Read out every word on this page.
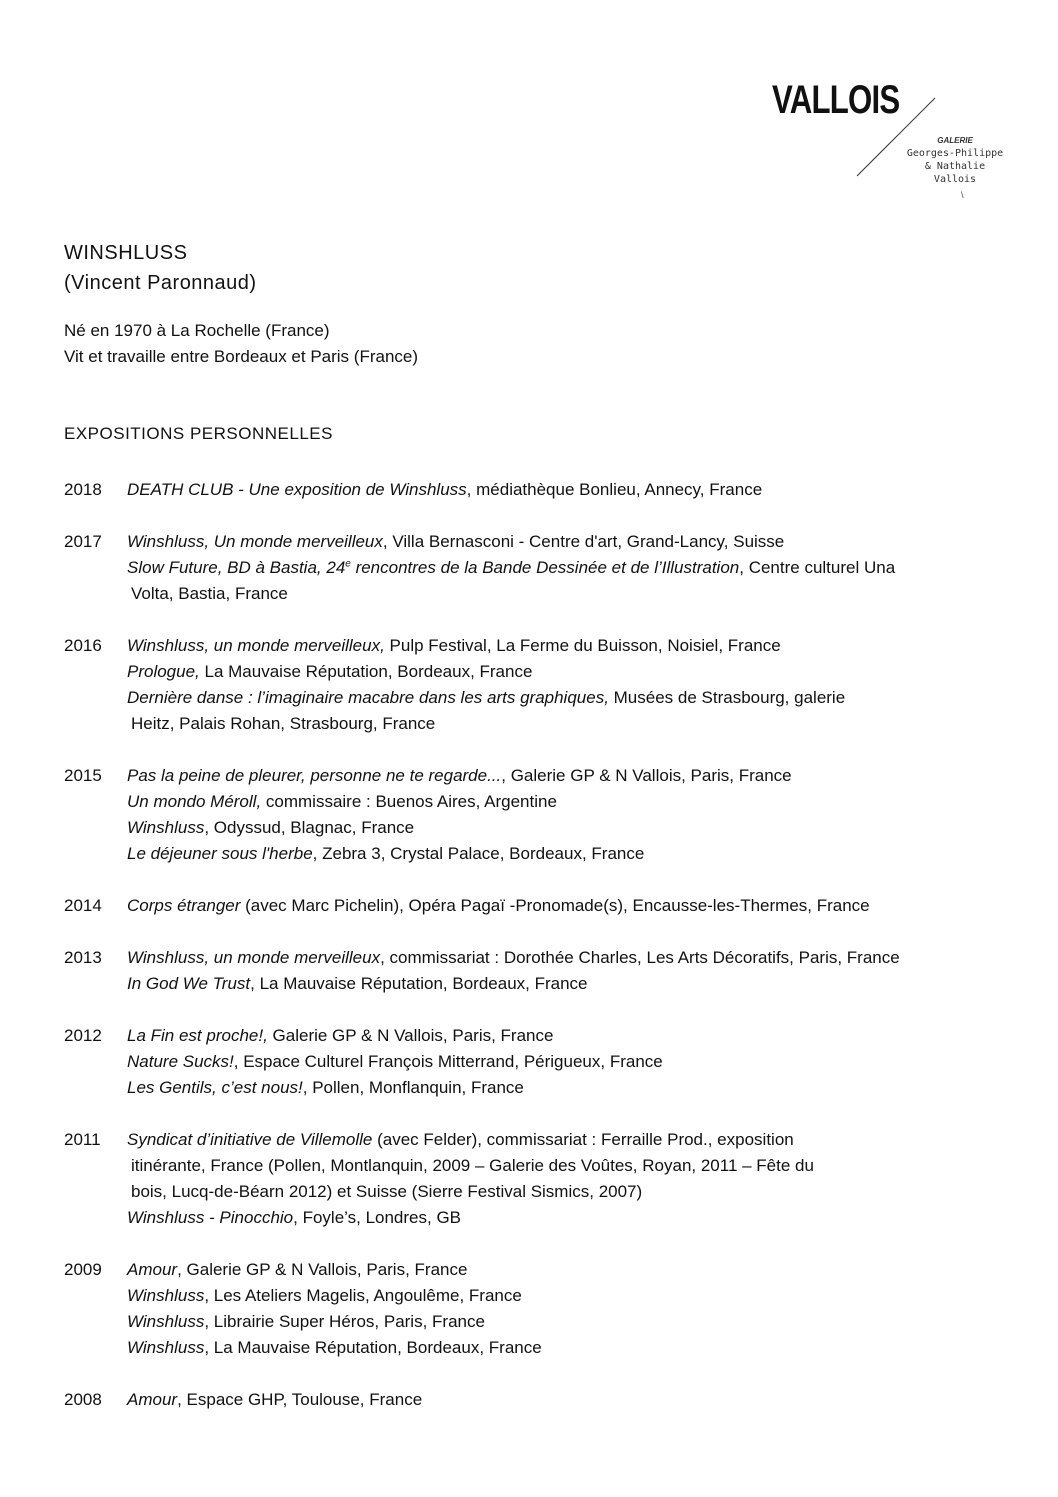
VALLOIS
GALERIE
Georges-Philippe
& Nathalie
Vallois
\
WINSHLUSS
(Vincent Paronnaud)
Né en 1970 à La Rochelle (France)
Vit et travaille entre Bordeaux et Paris (France)
EXPOSITIONS PERSONNELLES
2018 DEATH CLUB - Une exposition de Winshluss, médiathèque Bonlieu, Annecy, France
2017 Winshluss, Un monde merveilleux, Villa Bernasconi - Centre d'art, Grand-Lancy, Suisse
Slow Future, BD à Bastia, 24e rencontres de la Bande Dessinée et de l’Illustration, Centre culturel Una
Volta, Bastia, France
2016 Winshluss, un monde merveilleux, Pulp Festival, La Ferme du Buisson, Noisiel, France
Prologue, La Mauvaise Réputation, Bordeaux, France
Dernière danse : l’imaginaire macabre dans les arts graphiques, Musées de Strasbourg, galerie
Heitz, Palais Rohan, Strasbourg, France
2015 Pas la peine de pleurer, personne ne te regarde..., Galerie GP & N Vallois, Paris, France
Un mondo Méroll, commissaire : Buenos Aires, Argentine
Winshluss, Odyssud, Blagnac, France
Le déjeuner sous l'herbe, Zebra 3, Crystal Palace, Bordeaux, France
2014 Corps étranger (avec Marc Pichelin), Opéra Pagaï -Pronomade(s), Encausse-les-Thermes, France
2013 Winshluss, un monde merveilleux, commissariat : Dorothée Charles, Les Arts Décoratifs, Paris, France
In God We Trust, La Mauvaise Réputation, Bordeaux, France
2012 La Fin est proche!, Galerie GP & N Vallois, Paris, France
Nature Sucks!, Espace Culturel François Mitterrand, Périgueux, France
Les Gentils, c’est nous!, Pollen, Monflanquin, France
2011 Syndicat d’initiative de Villemolle (avec Felder), commissariat : Ferraille Prod., exposition
itinérante, France (Pollen, Montlanquin, 2009 – Galerie des Voûtes, Royan, 2011 – Fête du
bois, Lucq-de-Béarn 2012) et Suisse (Sierre Festival Sismics, 2007)
Winshluss - Pinocchio, Foyle’s, Londres, GB
2009 Amour, Galerie GP & N Vallois, Paris, France
Winshluss, Les Ateliers Magelis, Angoulême, France
Winshluss, Librairie Super Héros, Paris, France
Winshluss, La Mauvaise Réputation, Bordeaux, France
2008 Amour, Espace GHP, Toulouse, France
